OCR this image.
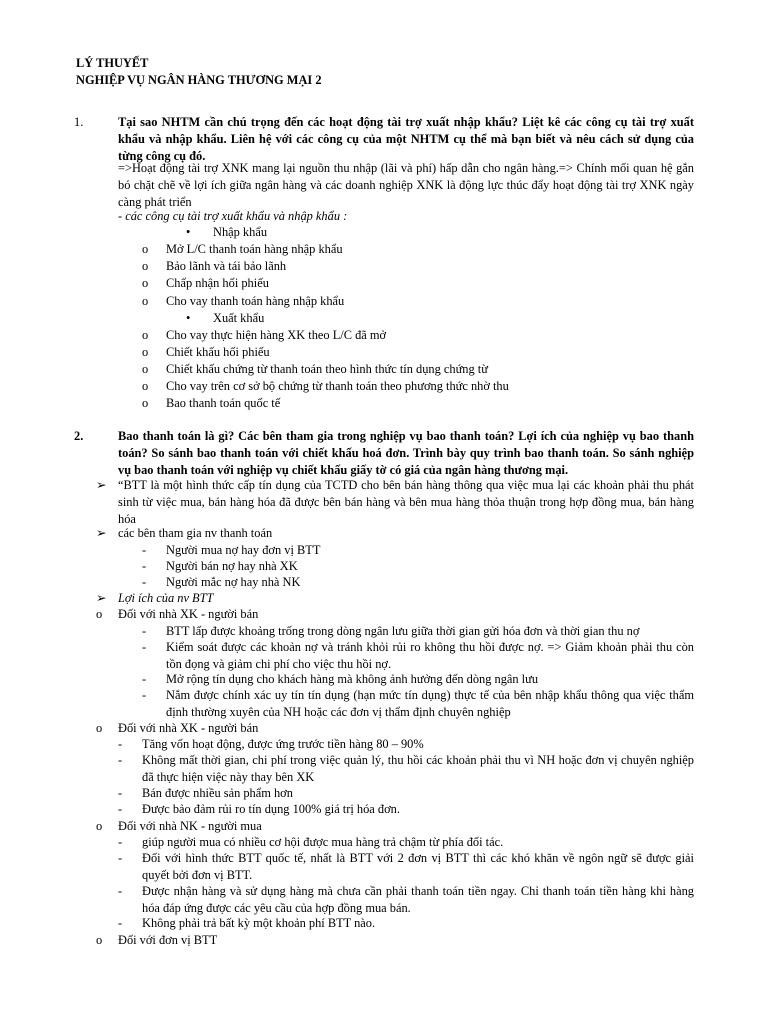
LÝ THUYẾT
NGHIỆP VỤ NGÂN HÀNG THƯƠNG MẠI 2
1.	Tại sao NHTM cần chú trọng đến các hoạt động tài trợ xuất nhập khẩu? Liệt kê các công cụ tài trợ xuất khẩu và nhập khẩu. Liên hệ với các công cụ của một NHTM cụ thể mà bạn biết và nêu cách sử dụng của từng công cụ đó.
=>Hoạt động tài trợ XNK mang lại nguồn thu nhập (lãi và phí) hấp dẫn cho ngân hàng.=> Chính mối quan hệ gắn bó chặt chẽ về lợi ích giữa ngân hàng và các doanh nghiệp XNK là động lực thúc đẩy hoạt động tài trợ XNK ngày càng phát triển
- các công cụ tài trợ xuất khẩu và nhập khẩu :
• Nhập khẩu
o Mở L/C thanh toán hàng nhập khẩu
o Bảo lãnh và tái bảo lãnh
o Chấp nhận hối phiếu
o Cho vay thanh toán hàng nhập khẩu
• Xuất khẩu
o Cho vay thực hiện hàng XK theo L/C đã mở
o Chiết khấu hối phiếu
o Chiết khấu chứng từ thanh toán theo hình thức tín dụng chứng từ
o Cho vay trên cơ sở bộ chứng từ thanh toán theo phương thức nhờ thu
o Bao thanh toán quốc tế
2.	Bao thanh toán là gì? Các bên tham gia trong nghiệp vụ bao thanh toán? Lợi ích của nghiệp vụ bao thanh toán? So sánh bao thanh toán với chiết khấu hoá đơn. Trình bày quy trình bao thanh toán. So sánh nghiệp vụ bao thanh toán với nghiệp vụ chiết khấu giấy tờ có giá của ngân hàng thương mại.
➢ “BTT là một hình thức cấp tín dụng của TCTD cho bên bán hàng thông qua việc mua lại các khoản phải thu phát sinh từ việc mua, bán hàng hóa đã được bên bán hàng và bên mua hàng thỏa thuận trong hợp đồng mua, bán hàng hóa
➢ các bên tham gia nv thanh toán
- Người mua nợ hay đơn vị BTT
- Người bán nợ hay nhà XK
- Người mắc nợ hay nhà NK
➢ Lợi ích của nv BTT
o Đối với nhà XK - người bán
- BTT lấp được khoảng trống trong dòng ngân lưu giữa thời gian gửi hóa đơn và thời gian thu nợ
- Kiểm soát được các khoản nợ và tránh khỏi rủi ro không thu hồi được nợ. => Giảm khoản phải thu còn tồn đọng và giảm chi phí cho việc thu hồi nợ.
- Mở rộng tín dụng cho khách hàng mà không ảnh hưởng đến dòng ngân lưu
- Nắm được chính xác uy tín tín dụng (hạn mức tín dụng) thực tế của bên nhập khẩu thông qua việc thẩm định thường xuyên của NH hoặc các đơn vị thẩm định chuyên nghiệp
o Đối với nhà XK - người bán
- Tăng vốn hoạt động, được ứng trước tiền hàng 80 – 90%
- Không mất thời gian, chi phí trong việc quản lý, thu hồi các khoản phải thu vì NH hoặc đơn vị chuyên nghiệp đã thực hiện việc này thay bên XK
- Bán được nhiều sản phẩm hơn
- Được bảo đảm rủi ro tín dụng 100% giá trị hóa đơn.
o Đối với nhà NK - người mua
- giúp người mua có nhiều cơ hội được mua hàng trả chậm từ phía đối tác.
- Đối với hình thức BTT quốc tế, nhất là BTT với 2 đơn vị BTT thì các khó khăn về ngôn ngữ sẽ được giải quyết bởi đơn vị BTT.
- Được nhận hàng và sử dụng hàng mà chưa cần phải thanh toán tiền ngay. Chỉ thanh toán tiền hàng khi hàng hóa đáp ứng được các yêu cầu của hợp đồng mua bán.
- Không phải trả bất kỳ một khoản phí BTT nào.
o Đối với đơn vị BTT
